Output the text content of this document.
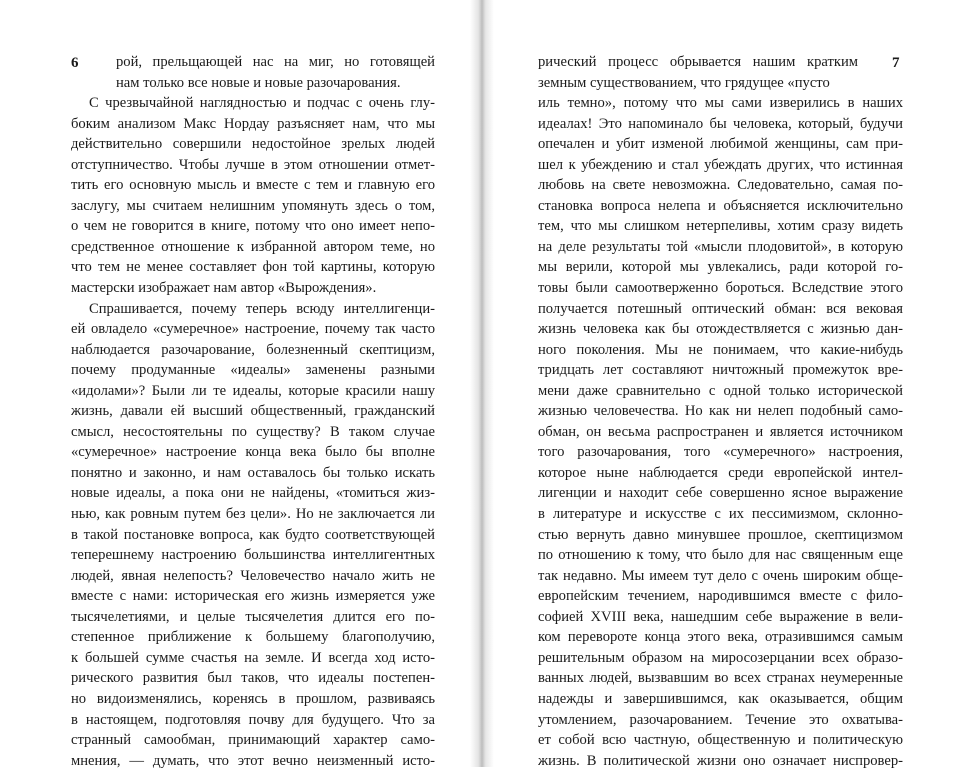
6	7
рой, прельщающей нас на миг, но готовящей
нам только все новые и новые разочарования.
С чрезвычайной наглядностью и подчас с очень глу-
боким анализом Макс Нордау разъясняет нам, что мы
действительно совершили недостойное зрелых людей
отступничество. Чтобы лучше в этом отношении отмет-
тить его основную мысль и вместе с тем и главную его
заслугу, мы считаем нелишним упомянуть здесь о том,
о чем не говорится в книге, потому что оно имеет непо-
средственное отношение к избранной автором теме, но
что тем не менее составляет фон той картины, которую
мастерски изображает нам автор «Вырождения».
Спрашивается, почему теперь всюду интеллигенци-
ей овладело «сумеречное» настроение, почему так часто
наблюдается разочарование, болезненный скептицизм,
почему продуманные «идеалы» заменены разными
«идолами»? Были ли те идеалы, которые красили нашу
жизнь, давали ей высший общественный, гражданский
смысл, несостоятельны по существу? В таком случае
«сумеречное» настроение конца века было бы вполне
понятно и законно, и нам оставалось бы только искать
новые идеалы, а пока они не найдены, «томиться жиз-
нью, как ровным путем без цели». Но не заключается ли
в такой постановке вопроса, как будто соответствующей
теперешнему настроению большинства интеллигентных
людей, явная нелепость? Человечество начало жить не
вместе с нами: историческая его жизнь измеряется уже
тысячелетиями, и целые тысячелетия длится его по-
степенное приближение к большему благополучию,
к большей сумме счастья на земле. И всегда ход исто-
рического развития был таков, что идеалы постепен-
но видоизменялись, коренясь в прошлом, развиваясь
в настоящем, подготовляя почву для будущего. Что за
странный самообман, принимающий характер само-
мнения, — думать, что этот вечно неизменный исто-
рический процесс обрывается нашим кратким
земным существованием, что грядущее «пусто
иль темно», потому что мы сами изверились в наших
идеалах! Это напоминало бы человека, который, будучи
опечален и убит изменой любимой женщины, сам при-
шел к убеждению и стал убеждать других, что истинная
любовь на свете невозможна. Следовательно, самая по-
становка вопроса нелепа и объясняется исключительно
тем, что мы слишком нетерпеливы, хотим сразу видеть
на деле результаты той «мысли плодовитой», в которую
мы верили, которой мы увлекались, ради которой го-
товы были самоотверженно бороться. Вследствие этого
получается потешный оптический обман: вся вековая
жизнь человека как бы отождествляется с жизнью дан-
ного поколения. Мы не понимаем, что какие-нибудь
тридцать лет составляют ничтожный промежуток вре-
мени даже сравнительно с одной только исторической
жизнью человечества. Но как ни нелеп подобный само-
обман, он весьма распространен и является источником
того разочарования, того «сумеречного» настроения,
которое ныне наблюдается среди европейской интел-
лигенции и находит себе совершенно ясное выражение
в литературе и искусстве с их пессимизмом, склонно-
стью вернуть давно минувшее прошлое, скептицизмом
по отношению к тому, что было для нас священным еще
так недавно. Мы имеем тут дело с очень широким обще-
европейским течением, народившимся вместе с фило-
софией XVIII века, нашедшим себе выражение в вели-
ком перевороте конца этого века, отразившимся самым
решительным образом на миросозерцании всех образо-
ванных людей, вызвавшим во всех странах неумеренные
надежды и завершившимся, как оказывается, общим
утомлением, разочарованием. Течение это охватыва-
ет собой всю частную, общественную и политическую
жизнь. В политической жизни оно означает ниспровер-
